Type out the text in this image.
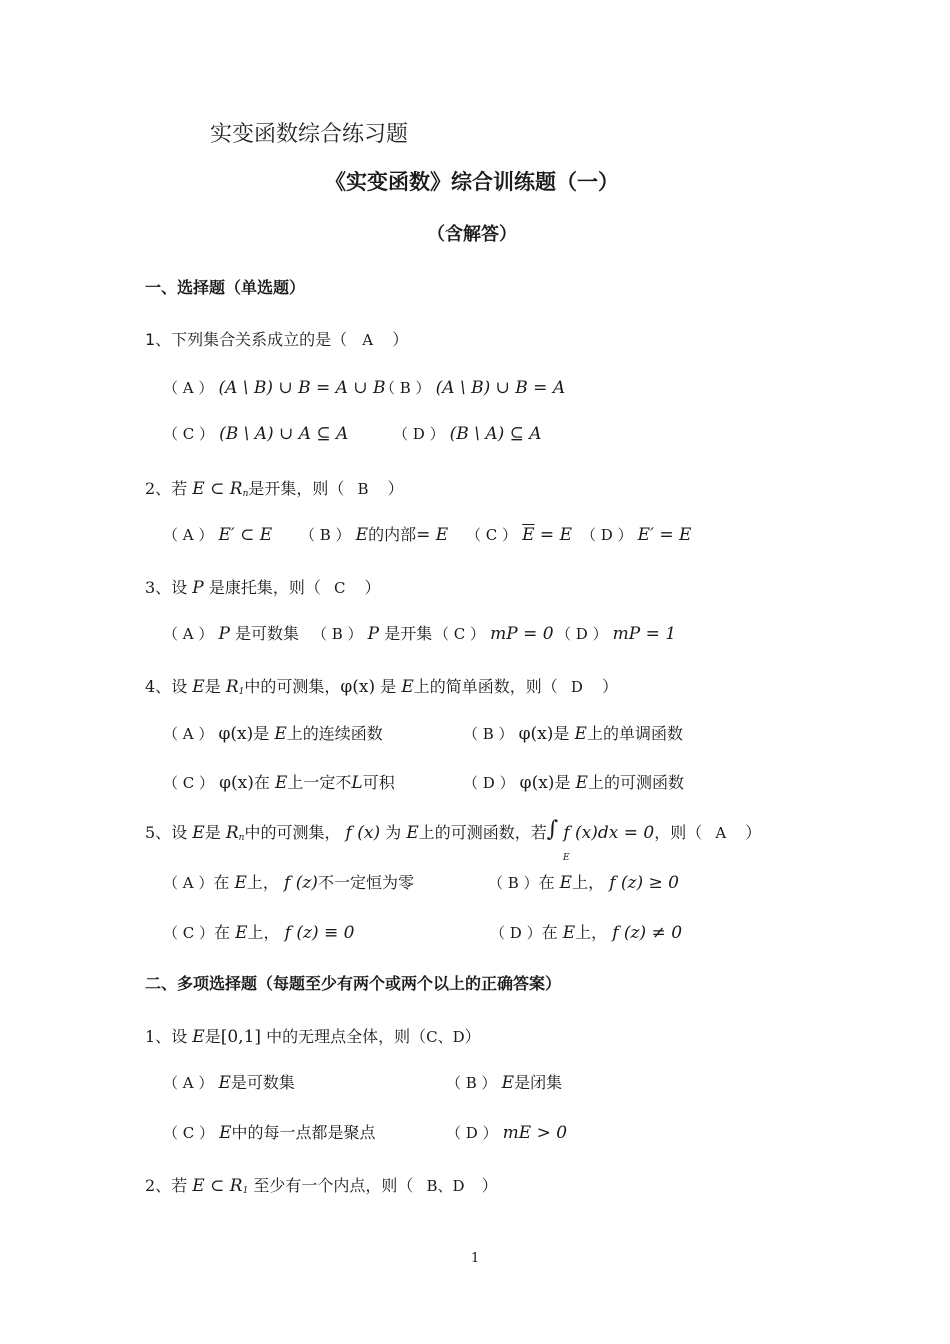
实变函数综合练习题
《实变函数》综合训练题（一）
（含解答）
一、选择题（单选题）
1、下列集合关系成立的是（ A ）
（ A ） (A \ B) ∪ B = A ∪ B
（ B ） (A \ B) ∪ B = A
（ C ） (B \ A) ∪ A ⊆ A	（ D ） (B \ A) ⊆ A
2、若 E ⊂ Rn是开集，则（ B ）
（ A ） E′ ⊂ E （ B ） E的内部= E （ C ） $\overline{E} = E$ （ D ） E′ = E
3、设 P 是康托集，则（ C ）
（ A ） P 是可数集 （ B ） P 是开集 （ C ） mP = 0 （ D ） mP = 1
4、设 E是 R1中的可测集，φ(x) 是 E上的简单函数，则（ D ）
（ A ） φ(x)是 E上的连续函数	（ B ） φ(x)是 E上的单调函数
（ C ） φ(x)在 E上一定不L可积	（ D ） φ(x)是 E上的可测函数
5、设 E是 Rn中的可测集， f (x) 为 E上的可测函数，若∫ f (x)dx = 0，则（ A ）
E
（ A ）在 E上， f (z)不一定恒为零	（ B ）在 E上， f (z) ≥ 0
（ C ）在 E上， f (z) ≡ 0	（ D ）在 E上， f (z) ≠ 0
二、多项选择题（每题至少有两个或两个以上的正确答案）
1、设 E是[0,1] 中的无理点全体，则（C、D）
（ A ） E是可数集	（ B ） E是闭集
（ C ） E中的每一点都是聚点	（ D ） mE > 0
2、若 E ⊂ R1 至少有一个内点，则（ B、D ）
1
